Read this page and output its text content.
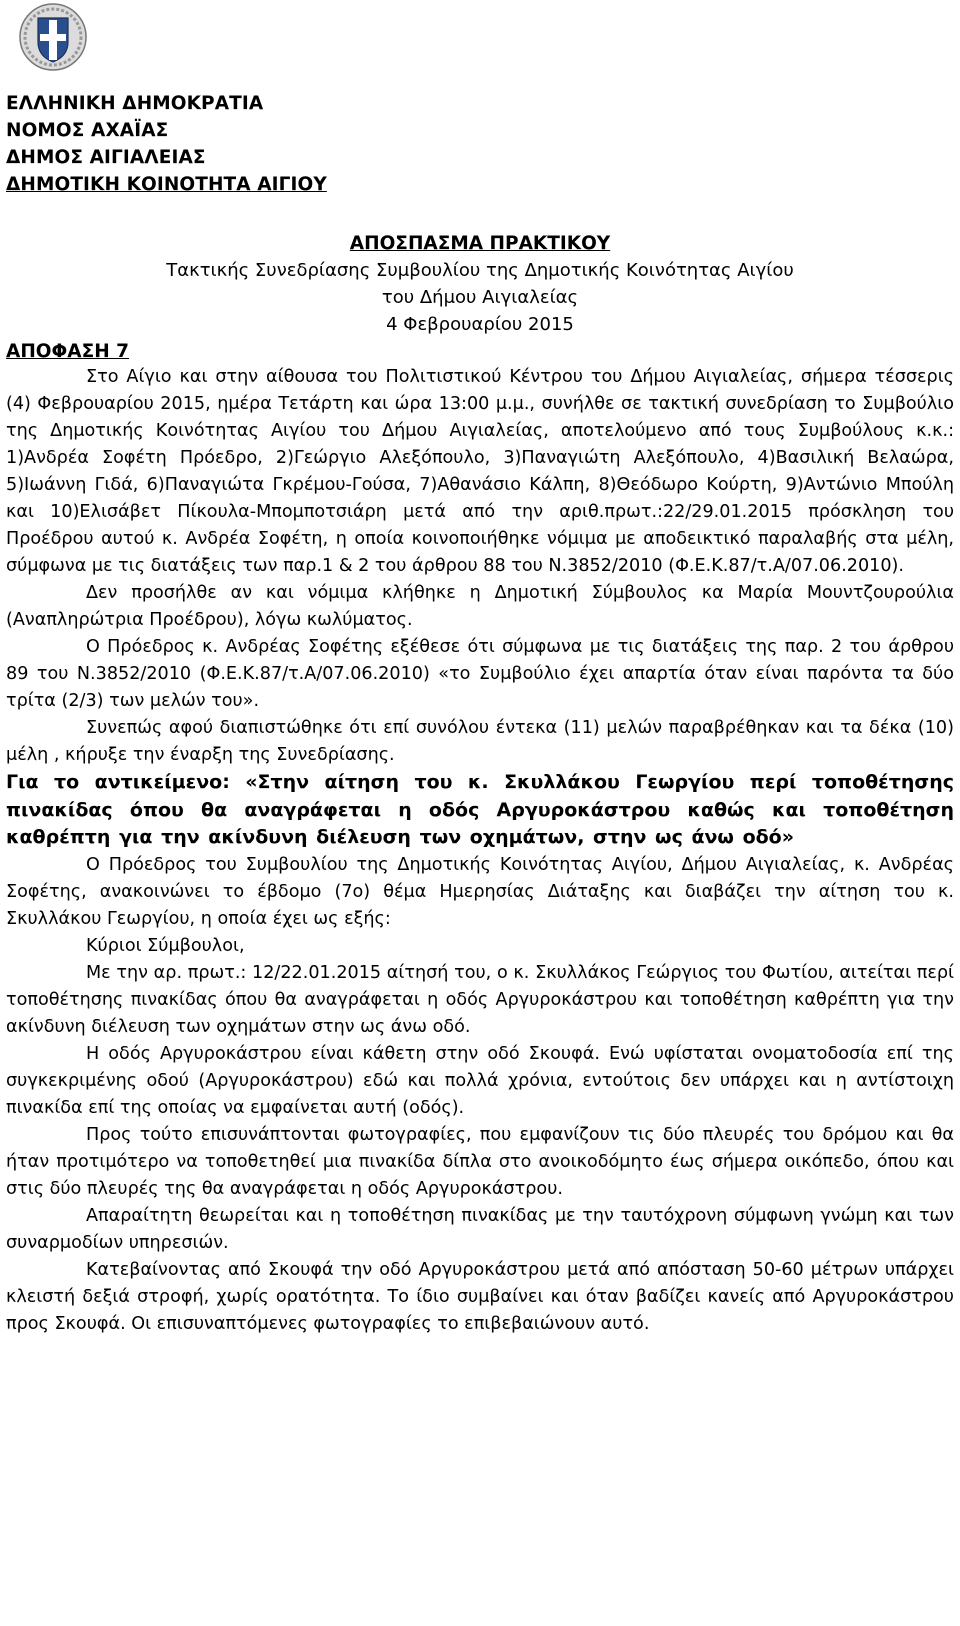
ΕΛΛΗΝΙΚΗ ΔΗΜΟΚΡΑΤΙΑ
ΝΟΜΟΣ ΑΧΑΪΑΣ
ΔΗΜΟΣ ΑΙΓΙΑΛΕΙΑΣ
ΔΗΜΟΤΙΚΗ ΚΟΙΝΟΤΗΤΑ ΑΙΓΙΟΥ
ΑΠΟΣΠΑΣΜΑ ΠΡΑΚΤΙΚΟΥ
Τακτικής Συνεδρίασης Συμβουλίου της Δημοτικής Κοινότητας Αιγίου
του Δήμου Αιγιαλείας
4 Φεβρουαρίου 2015
ΑΠΟΦΑΣΗ 7

Στο Αίγιο και στην αίθουσα του Πολιτιστικού Κέντρου του Δήμου Αιγιαλείας, σήμερα τέσσερις (4) Φεβρουαρίου 2015, ημέρα Τετάρτη και ώρα 13:00 μ.μ., συνήλθε σε τακτική συνεδρίαση το Συμβούλιο της Δημοτικής Κοινότητας Αιγίου του Δήμου Αιγιαλείας, αποτελούμενο από τους Συμβούλους κ.κ.: 1)Ανδρέα Σοφέτη Πρόεδρο, 2)Γεώργιο Αλεξόπουλο, 3)Παναγιώτη Αλεξόπουλο, 4)Βασιλική Βελαώρα, 5)Ιωάννη Γιδά, 6)Παναγιώτα Γκρέμου-Γούσα, 7)Αθανάσιο Κάλπη, 8)Θεόδωρο Κούρτη, 9)Αντώνιο Μπούλη και 10)Ελισάβετ Πίκουλα-Μπομποτσιάρη μετά από την αριθ.πρωτ.:22/29.01.2015 πρόσκληση του Προέδρου αυτού κ. Ανδρέα Σοφέτη, η οποία κοινοποιήθηκε νόμιμα με αποδεικτικό παραλαβής στα μέλη, σύμφωνα με τις διατάξεις των παρ.1 & 2 του άρθρου 88 του Ν.3852/2010 (Φ.Ε.Κ.87/τ.Α/07.06.2010).

Δεν προσήλθε αν και νόμιμα κλήθηκε η Δημοτική Σύμβουλος κα Μαρία Μουντζουρούλια (Αναπληρώτρια Προέδρου), λόγω κωλύματος.

Ο Πρόεδρος κ. Ανδρέας Σοφέτης εξέθεσε ότι σύμφωνα με τις διατάξεις της παρ. 2 του άρθρου 89 του Ν.3852/2010 (Φ.Ε.Κ.87/τ.Α/07.06.2010) «το Συμβούλιο έχει απαρτία όταν είναι παρόντα τα δύο τρίτα (2/3) των μελών του».

Συνεπώς αφού διαπιστώθηκε ότι επί συνόλου έντεκα (11) μελών παραβρέθηκαν και τα δέκα (10) μέλη , κήρυξε την έναρξη της Συνεδρίασης.

Για το αντικείμενο: «Στην αίτηση του κ. Σκυλλάκου Γεωργίου περί τοποθέτησης πινακίδας όπου θα αναγράφεται η οδός Αργυροκάστρου καθώς και τοποθέτηση καθρέπτη για την ακίνδυνη διέλευση των οχημάτων, στην ως άνω οδό»

Ο Πρόεδρος του Συμβουλίου της Δημοτικής Κοινότητας Αιγίου, Δήμου Αιγιαλείας, κ. Ανδρέας Σοφέτης, ανακοινώνει το έβδομο (7ο) θέμα Ημερησίας Διάταξης και διαβάζει την αίτηση του κ. Σκυλλάκου Γεωργίου, η οποία έχει ως εξής:

Κύριοι Σύμβουλοι,

Με την αρ. πρωτ.: 12/22.01.2015 αίτησή του, ο κ. Σκυλλάκος Γεώργιος του Φωτίου, αιτείται περί τοποθέτησης πινακίδας όπου θα αναγράφεται η οδός Αργυροκάστρου και τοποθέτηση καθρέπτη για την ακίνδυνη διέλευση των οχημάτων στην ως άνω οδό.

Η οδός Αργυροκάστρου είναι κάθετη στην οδό Σκουφά. Ενώ υφίσταται ονοματοδοσία επί της συγκεκριμένης οδού (Αργυροκάστρου) εδώ και πολλά χρόνια, εντούτοις δεν υπάρχει και η αντίστοιχη πινακίδα επί της οποίας να εμφαίνεται αυτή (οδός).

Προς τούτο επισυνάπτονται φωτογραφίες, που εμφανίζουν τις δύο πλευρές του δρόμου και θα ήταν προτιμότερο να τοποθετηθεί μια πινακίδα δίπλα στο ανοικοδόμητο έως σήμερα οικόπεδο, όπου και στις δύο πλευρές της θα αναγράφεται η οδός Αργυροκάστρου.

Απαραίτητη θεωρείται και η τοποθέτηση πινακίδας με την ταυτόχρονη σύμφωνη γνώμη και των συναρμοδίων υπηρεσιών.

Κατεβαίνοντας από Σκουφά την οδό Αργυροκάστρου μετά από απόσταση 50-60 μέτρων υπάρχει κλειστή δεξιά στροφή, χωρίς ορατότητα. Το ίδιο συμβαίνει και όταν βαδίζει κανείς από Αργυροκάστρου προς Σκουφά. Οι επισυναπτόμενες φωτογραφίες το επιβεβαιώνουν αυτό.
